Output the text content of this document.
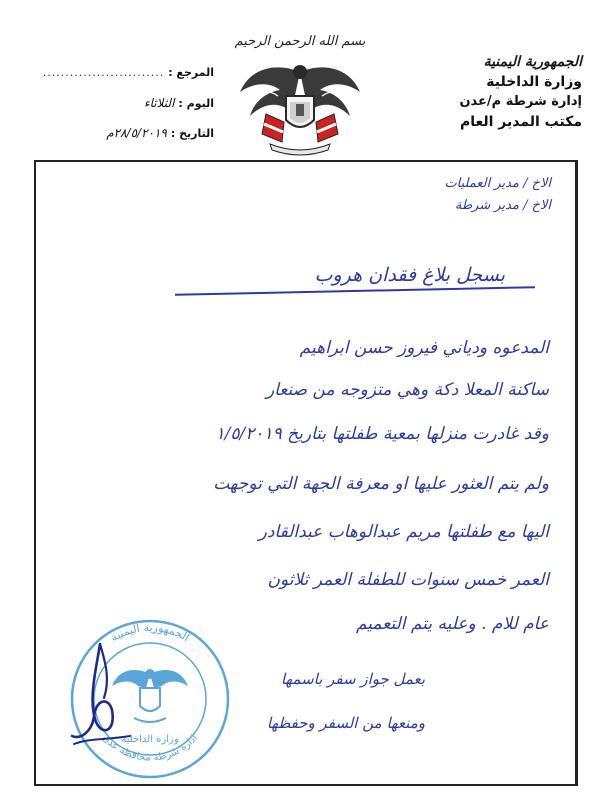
بسم الله الرحمن الرحيم
الجمهورية اليمنية
وزارة الداخلية
إدارة شرطة م/عدن
مكتب المدير العام
المرجع :
...........................
اليوم :
الثلاثاء
التاريخ :
٢٨/٥/٢٠١٩م
الاخ / مدير العمليات
الاخ / مدير شرطة
بسجل بلاغ فقدان هروب
المدعوه ودياني فيروز حسن ابراهيم
ساكنة المعلا دكة وهي متزوجه من صنعار
وقد غادرت منزلها بمعية طفلتها بتاريخ ١/٥/٢٠١٩
ولم يتم العثور عليها او معرفة الجهة التي توجهت
اليها مع طفلتها مريم عبدالوهاب عبدالقادر
العمر خمس سنوات للطفلة العمر ثلاثون
عام للام . وعليه يتم التعميم
بعمل جواز سفر باسمها
ومنعها من السفر وحفظها
الجمهورية اليمنية
ادارة شرطة محافظة عدن
وزارة الداخلية
